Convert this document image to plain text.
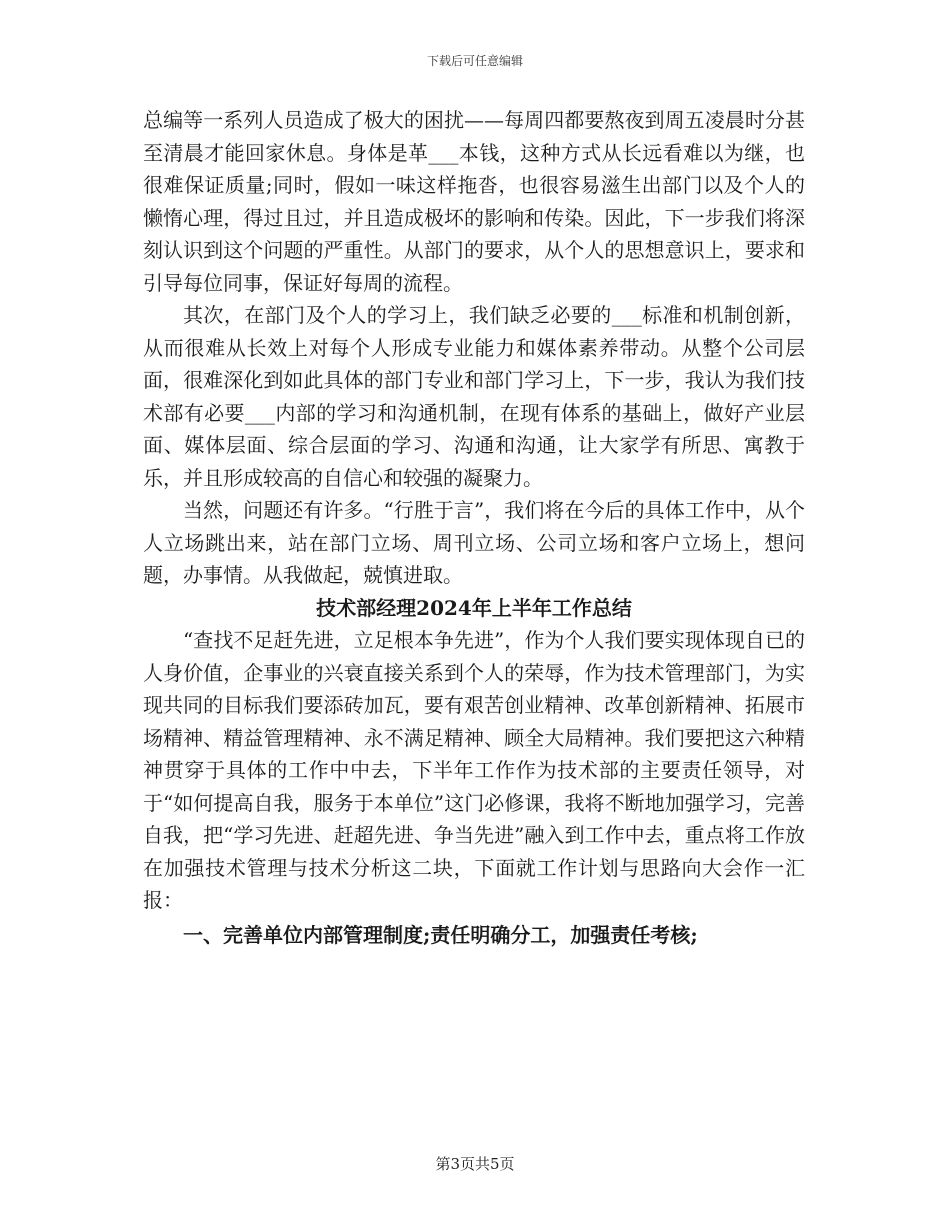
下载后可任意编辑

总编等一系列人员造成了极大的困扰——每周四都要熬夜到周五凌晨时分甚至清晨才能回家休息。身体是革___本钱，这种方式从长远看难以为继，也很难保证质量;同时，假如一味这样拖沓，也很容易滋生出部门以及个人的懒惰心理，得过且过，并且造成极坏的影响和传染。因此，下一步我们将深刻认识到这个问题的严重性。从部门的要求，从个人的思想意识上，要求和引导每位同事，保证好每周的流程。

其次，在部门及个人的学习上，我们缺乏必要的___标准和机制创新，从而很难从长效上对每个人形成专业能力和媒体素养带动。从整个公司层面，很难深化到如此具体的部门专业和部门学习上，下一步，我认为我们技术部有必要___内部的学习和沟通机制，在现有体系的基础上，做好产业层面、媒体层面、综合层面的学习、沟通和沟通，让大家学有所思、寓教于乐，并且形成较高的自信心和较强的凝聚力。

当然，问题还有许多。“行胜于言”，我们将在今后的具体工作中，从个人立场跳出来，站在部门立场、周刊立场、公司立场和客户立场上，想问题，办事情。从我做起，兢慎进取。

技术部经理2024年上半年工作总结

“查找不足赶先进，立足根本争先进”，作为个人我们要实现体现自已的人身价值，企事业的兴衰直接关系到个人的荣辱，作为技术管理部门，为实现共同的目标我们要添砖加瓦，要有艰苦创业精神、改革创新精神、拓展市场精神、精益管理精神、永不满足精神、顾全大局精神。我们要把这六种精神贯穿于具体的工作中中去，下半年工作作为技术部的主要责任领导，对于“如何提高自我，服务于本单位”这门必修课，我将不断地加强学习，完善自我，把“学习先进、赶超先进、争当先进”融入到工作中去，重点将工作放在加强技术管理与技术分析这二块，下面就工作计划与思路向大会作一汇报：

一、完善单位内部管理制度;责任明确分工，加强责任考核;

第3页共5页
